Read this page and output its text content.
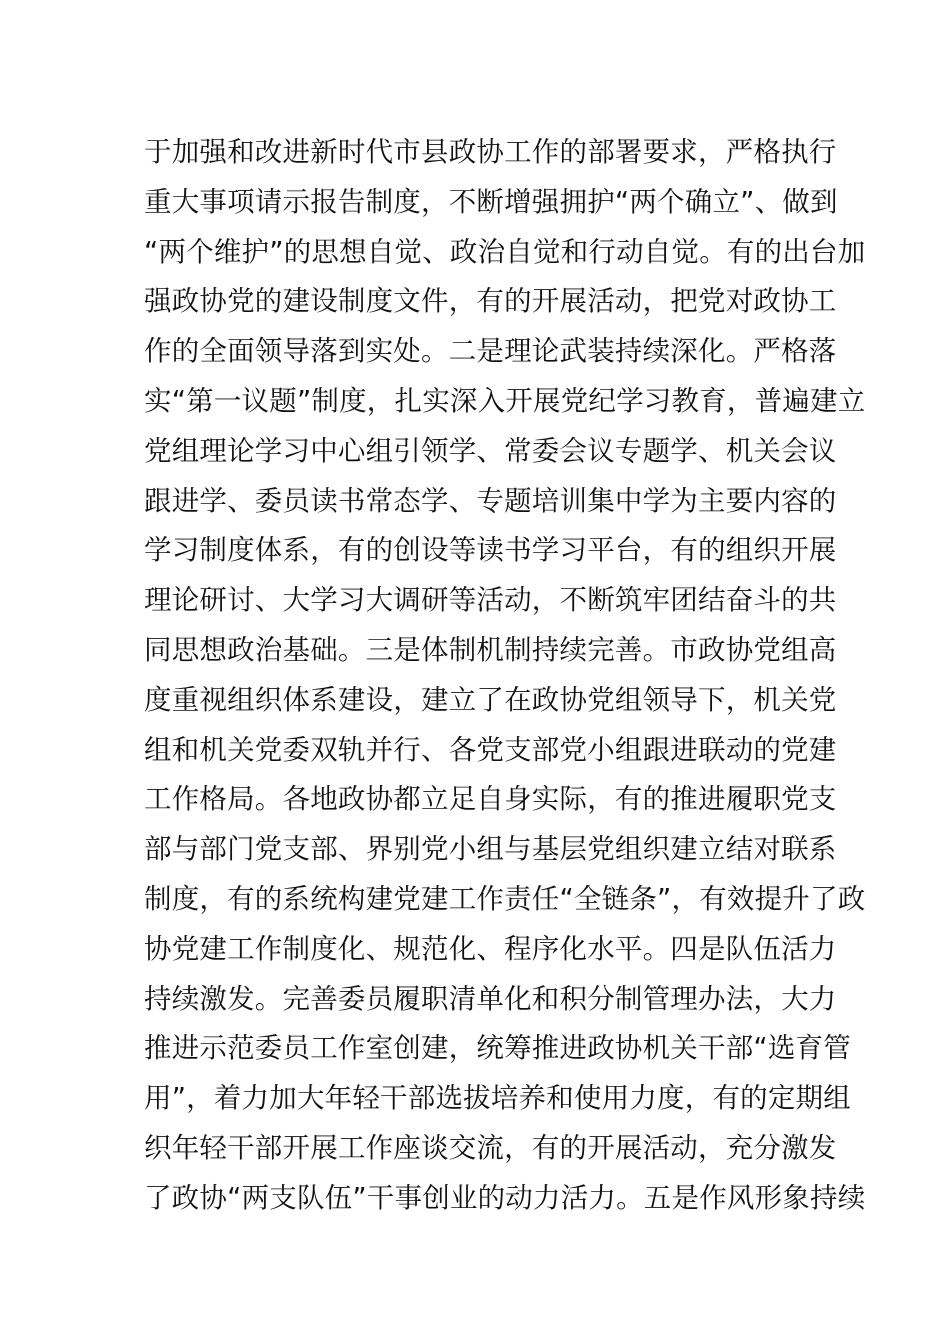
于加强和改进新时代市县政协工作的部署要求，严格执行
重大事项请示报告制度，不断增强拥护“两个确立”、做到
“两个维护”的思想自觉、政治自觉和行动自觉。有的出台加
强政协党的建设制度文件，有的开展活动，把党对政协工
作的全面领导落到实处。二是理论武装持续深化。严格落
实“第一议题”制度，扎实深入开展党纪学习教育，普遍建立
党组理论学习中心组引领学、常委会议专题学、机关会议
跟进学、委员读书常态学、专题培训集中学为主要内容的
学习制度体系，有的创设等读书学习平台，有的组织开展
理论研讨、大学习大调研等活动，不断筑牢团结奋斗的共
同思想政治基础。三是体制机制持续完善。市政协党组高
度重视组织体系建设，建立了在政协党组领导下，机关党
组和机关党委双轨并行、各党支部党小组跟进联动的党建
工作格局。各地政协都立足自身实际，有的推进履职党支
部与部门党支部、界别党小组与基层党组织建立结对联系
制度，有的系统构建党建工作责任“全链条”，有效提升了政
协党建工作制度化、规范化、程序化水平。四是队伍活力
持续激发。完善委员履职清单化和积分制管理办法，大力
推进示范委员工作室创建，统筹推进政协机关干部“选育管
用”，着力加大年轻干部选拔培养和使用力度，有的定期组
织年轻干部开展工作座谈交流，有的开展活动，充分激发
了政协“两支队伍”干事创业的动力活力。五是作风形象持续
